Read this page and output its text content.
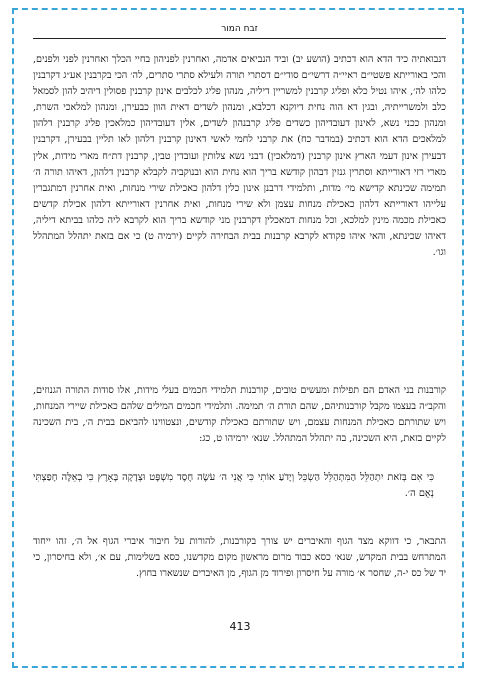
זבח המור

דנבואתיה כיד הדא הוא דכתיב (הושע יב) וביד הנביאים אדמה, ואחרנין לפניהון בחיי הכלך ואחרנין לפני ולפנים, והכי באורייתא פשטי״ם ראיי״ה דרשי״ם סודי״ם דסתרי תורה ולעילא סתרי סתרים, לה׳ הכי בקרבנין אע״ג דקרבנין כלהו לה׳, איהו נטיל כלא ופליג קרבנין למשריין דיליה, מנהון פליג לכלבים אינון קרבנין פסולין דיהיב להון לסמאל כלב ולמשרייתיה, ובגין דא הוה נחית דיוקנא דכלבא, ומנהון לשדים דאית הוון כבעירן, ומנהון למלאכי השרת, ומנהון ככני נשא, לאינון דעובדיהון כשדים פליג קרבנהון לשדים, אלין דעובדיהון כמלאכין פליג קרבנין דלהון למלאכים הדא הוא דכתיב (במדבר כח) את קרבני לחמי לאשי דאינון קרבנין דלהון לאו תליין בבעירן, דקרבנין דבעירן אינון דעמי הארץ אינון קרבנין (דמלאכין) דבני נשא צלותין ועובדין טבין, קרבנין דת״ח מארי מידות, אלין מארי רזי דאורייתא וסתרין גנזין דבהון קודשא בריך הוא נחית הוא ובנוקביה לקבלא קרבנין דלהון, דאיהו תורה ה׳ תמימה שכינתא קדישא מי׳ מדות, ותלמידי דרבנן אינון כלין דלהון כאכילת שירי מנחות, ואית אחרנין דמתגברין עלייהו דאורייתא דלהון כאכילת מנחות עצמן ולא שירי מנחות, ואית אחרנין דאורייתא דלהון אכילת קדשים כאכילת מכמה מינין למלכא, וכל מנחות דמאכלין דקרבנין מני קודשא בריך הוא לקרבא ליה כלהו בביתא דיליה, דאיהו שכינתא, והאי איהו פקודא לקרבא קרבנות בבית הבחירה לקיים (ירמיה ט) כי אם בזאת יתהלל המתהלל וגו׳.

קורבנות בני האדם הם תפילות ומעשים טובים, קורבנות תלמידי חכמים בעלי מידות, אלו סודות התורה הגנוזים, והקב״ה בעצמו מקבל קורבנותיהם, שהם תורת ה׳ תמימה. ותלמידי חכמים המילים שלהם כאכילת שיירי המנחות, ויש שתורתם כאכילת המנחות עצמם, ויש שתורתם כאכילת קודשים, ונצטווינו להביאם בבית ה׳, בית השכינה לקיים בזאת, היא השכינה, בה יתהלל המתהלל. שנא׳ ירמיהו ט, כג:

כִּי אִם בְּזֹאת יִתְהַלֵּל הַמִּתְהַלֵּל הַשְׂכֵּל וְיָדֹעַ אוֹתִי כִּי אֲנִי ה׳ עֹשֶׂה חֶסֶד מִשְׁפָּט וּצְדָקָה בָּאָרֶץ כִּי בְאֵלֶּה חָפַצְתִּי נְאֻם ה׳.

התבאר, כי דווקא מצד הגוף והאיברים יש צורך בקורבנות, להורות על חיבור איברי הגוף אל ה׳, זהו ייחוד המתרחש בבית המקדש, שנא׳ כסא כבוד מרום מראשון מקום מקדשנו, כסא בשלימות, עם א׳, ולא בחיסרון, כי יד של כס י-ה, שחסר א׳ מורה על חיסרון ופירוד מן הגוף, מן האיברים שנשארו בחוץ.

413
